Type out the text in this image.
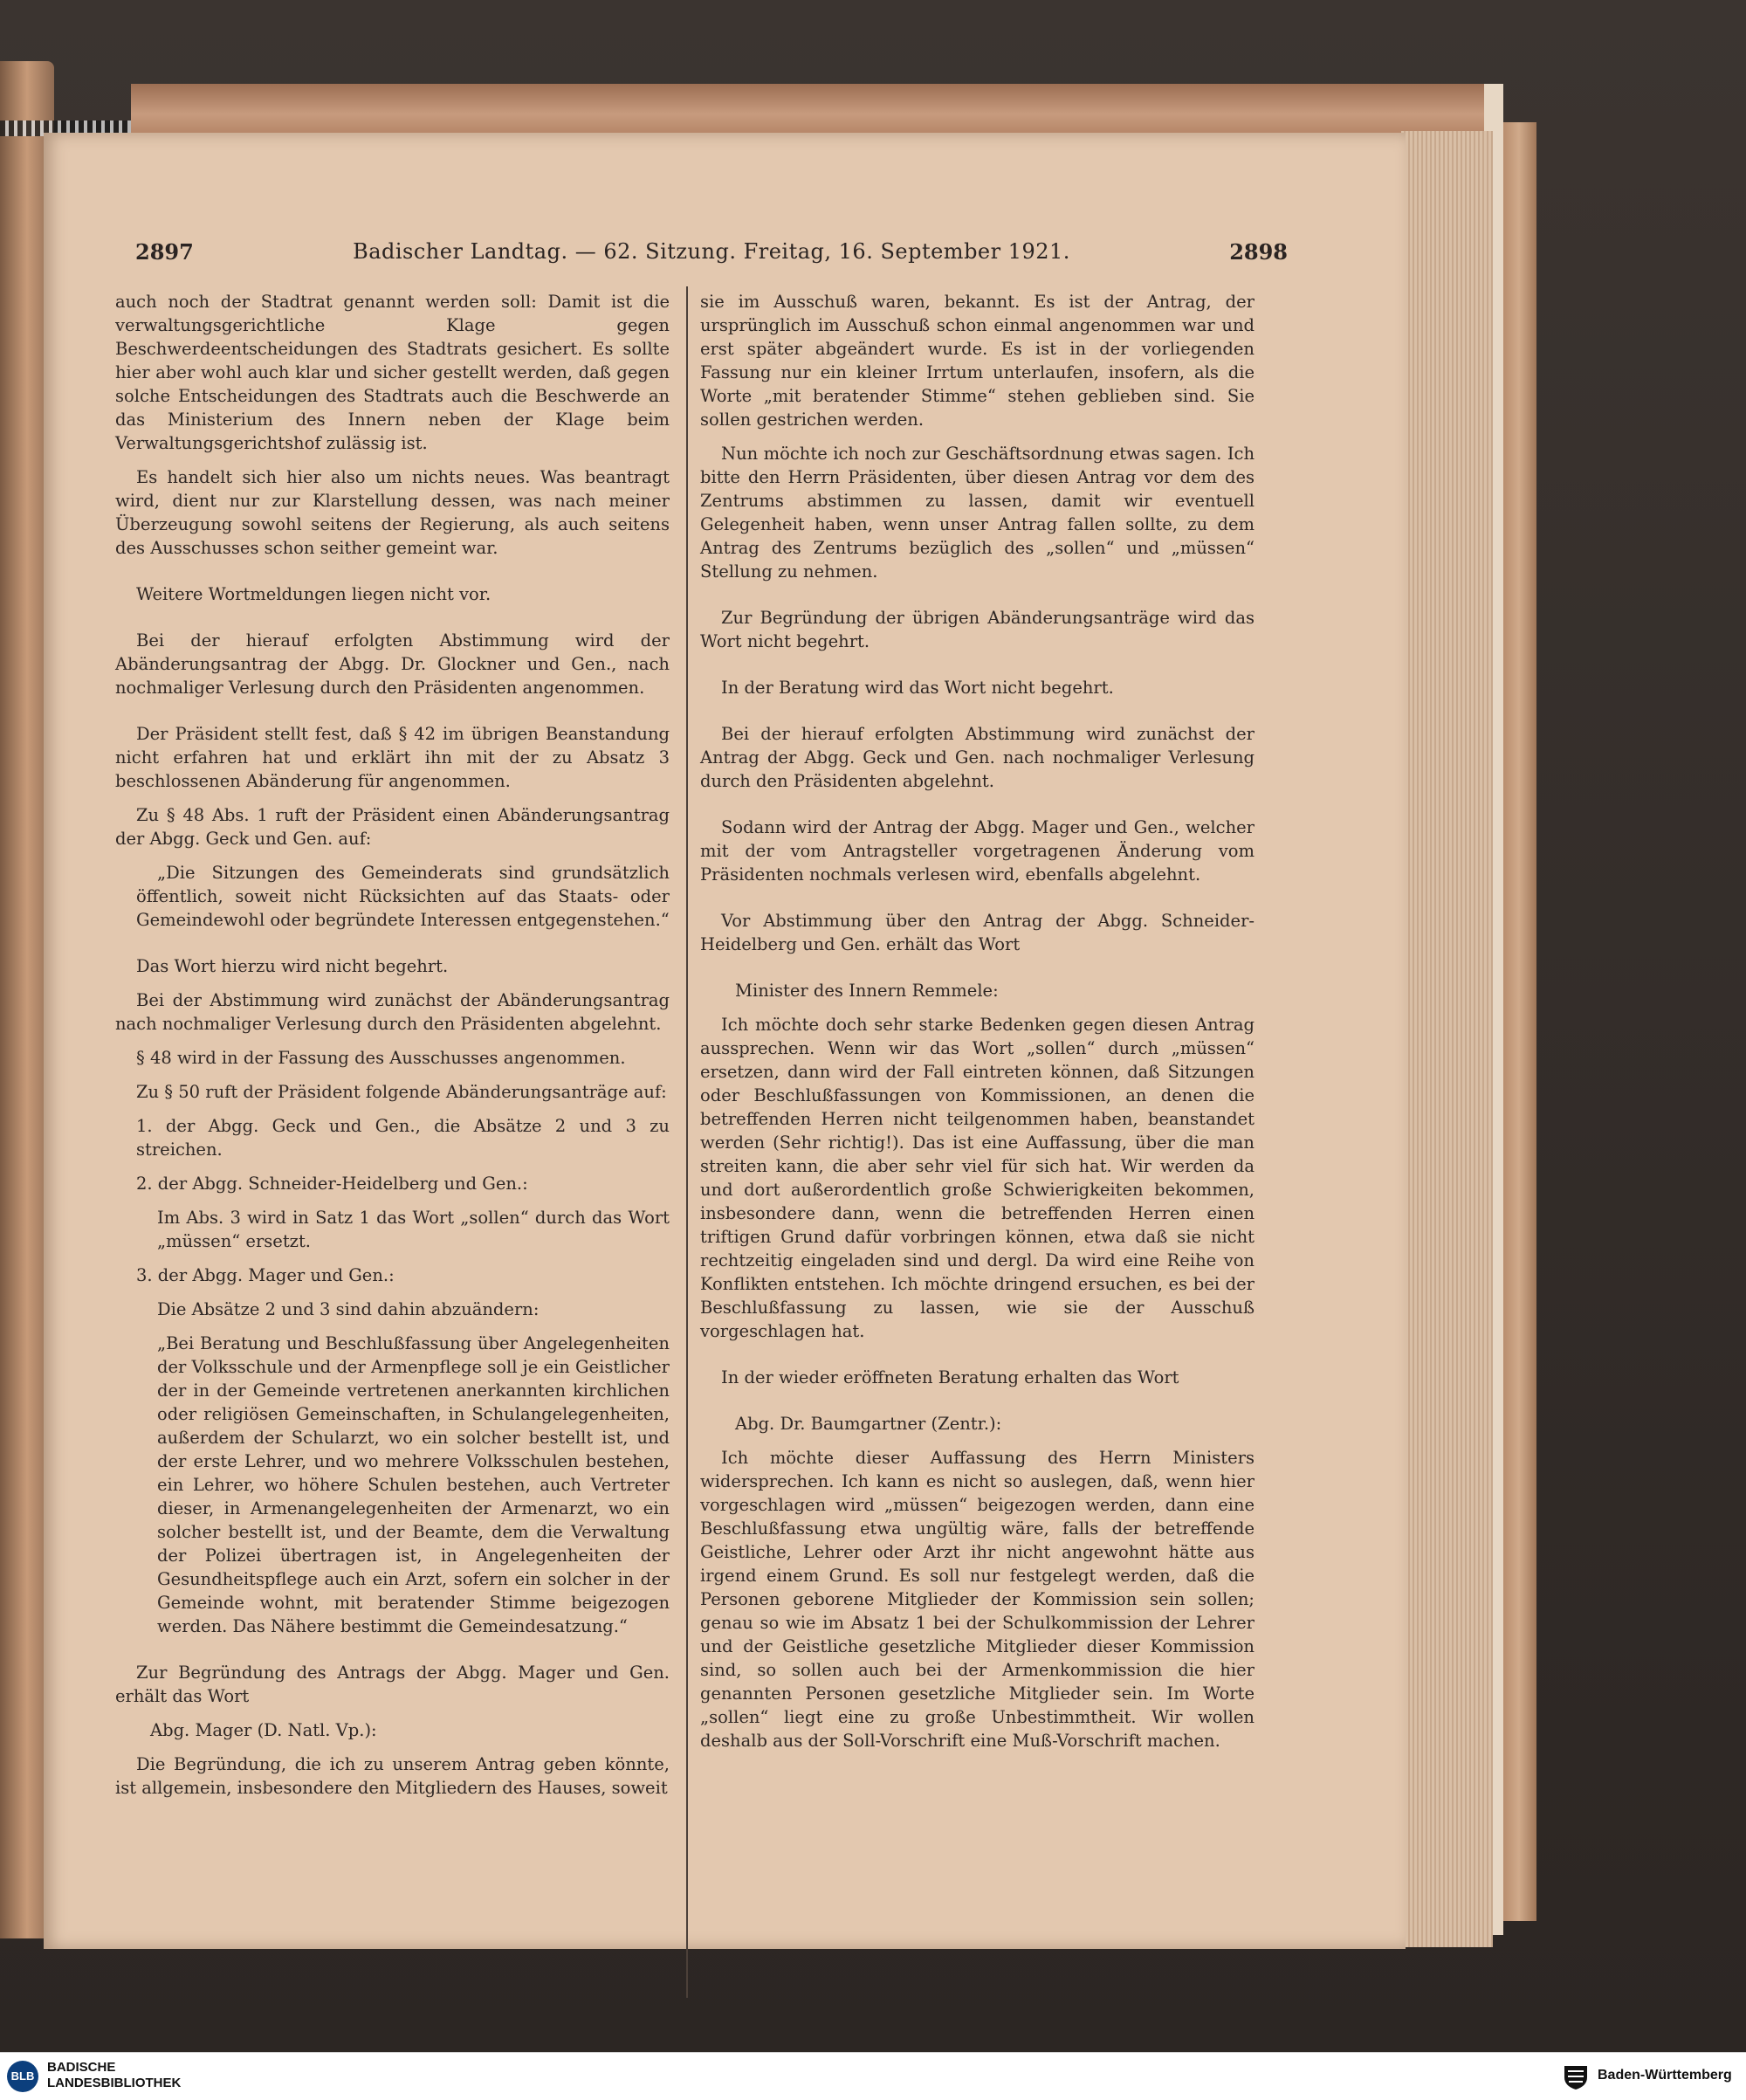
2897	Badischer Landtag. — 62. Sitzung. Freitag, 16. September 1921.	2898

auch noch der Stadtrat genannt werden soll: Damit ist die verwaltungsgerichtliche Klage gegen Beschwerdeentscheidungen des Stadtrats gesichert. Es sollte hier aber wohl auch klar und sicher gestellt werden, daß gegen solche Entscheidungen des Stadtrats auch die Beschwerde an das Ministerium des Innern neben der Klage beim Verwaltungsgerichtshof zulässig ist.

Es handelt sich hier also um nichts neues. Was beantragt wird, dient nur zur Klarstellung dessen, was nach meiner Überzeugung sowohl seitens der Regierung, als auch seitens des Ausschusses schon seither gemeint war.

Weitere Wortmeldungen liegen nicht vor.

Bei der hierauf erfolgten Abstimmung wird der Abänderungsantrag der Abgg. Dr. Glockner und Gen., nach nochmaliger Verlesung durch den Präsidenten angenommen.

Der Präsident stellt fest, daß § 42 im übrigen Beanstandung nicht erfahren hat und erklärt ihn mit der zu Absatz 3 beschlossenen Abänderung für angenommen.

Zu § 48 Abs. 1 ruft der Präsident einen Abänderungsantrag der Abgg. Geck und Gen. auf:

„Die Sitzungen des Gemeinderats sind grundsätzlich öffentlich, soweit nicht Rücksichten auf das Staats- oder Gemeindewohl oder begründete Interessen entgegenstehen.“

Das Wort hierzu wird nicht begehrt.

Bei der Abstimmung wird zunächst der Abänderungsantrag nach nochmaliger Verlesung durch den Präsidenten abgelehnt.

§ 48 wird in der Fassung des Ausschusses angenommen.

Zu § 50 ruft der Präsident folgende Abänderungsanträge auf:

1. der Abgg. Geck und Gen., die Absätze 2 und 3 zu streichen.

2. der Abgg. Schneider-Heidelberg und Gen.:

Im Abs. 3 wird in Satz 1 das Wort „sollen“ durch das Wort „müssen“ ersetzt.

3. der Abgg. Mager und Gen.:

Die Absätze 2 und 3 sind dahin abzuändern:

„Bei Beratung und Beschlußfassung über Angelegenheiten der Volksschule und der Armenpflege soll je ein Geistlicher der in der Gemeinde vertretenen anerkannten kirchlichen oder religiösen Gemeinschaften, in Schulangelegenheiten, außerdem der Schularzt, wo ein solcher bestellt ist, und der erste Lehrer, und wo mehrere Volksschulen bestehen, ein Lehrer, wo höhere Schulen bestehen, auch Vertreter dieser, in Armenangelegenheiten der Armenarzt, wo ein solcher bestellt ist, und der Beamte, dem die Verwaltung der Polizei übertragen ist, in Angelegenheiten der Gesundheitspflege auch ein Arzt, sofern ein solcher in der Gemeinde wohnt, mit beratender Stimme beigezogen werden. Das Nähere bestimmt die Gemeindesatzung.“

Zur Begründung des Antrags der Abgg. Mager und Gen. erhält das Wort

Abg. Mager (D. Natl. Vp.):

Die Begründung, die ich zu unserem Antrag geben könnte, ist allgemein, insbesondere den Mitgliedern des Hauses, soweit

sie im Ausschuß waren, bekannt. Es ist der Antrag, der ursprünglich im Ausschuß schon einmal angenommen war und erst später abgeändert wurde. Es ist in der vorliegenden Fassung nur ein kleiner Irrtum unterlaufen, insofern, als die Worte „mit beratender Stimme“ stehen geblieben sind. Sie sollen gestrichen werden.

Nun möchte ich noch zur Geschäftsordnung etwas sagen. Ich bitte den Herrn Präsidenten, über diesen Antrag vor dem des Zentrums abstimmen zu lassen, damit wir eventuell Gelegenheit haben, wenn unser Antrag fallen sollte, zu dem Antrag des Zentrums bezüglich des „sollen“ und „müssen“ Stellung zu nehmen.

Zur Begründung der übrigen Abänderungsanträge wird das Wort nicht begehrt.

In der Beratung wird das Wort nicht begehrt.

Bei der hierauf erfolgten Abstimmung wird zunächst der Antrag der Abgg. Geck und Gen. nach nochmaliger Verlesung durch den Präsidenten abgelehnt.

Sodann wird der Antrag der Abgg. Mager und Gen., welcher mit der vom Antragsteller vorgetragenen Änderung vom Präsidenten nochmals verlesen wird, ebenfalls abgelehnt.

Vor Abstimmung über den Antrag der Abgg. Schneider-Heidelberg und Gen. erhält das Wort

Minister des Innern Remmele:

Ich möchte doch sehr starke Bedenken gegen diesen Antrag aussprechen. Wenn wir das Wort „sollen“ durch „müssen“ ersetzen, dann wird der Fall eintreten können, daß Sitzungen oder Beschlußfassungen von Kommissionen, an denen die betreffenden Herren nicht teilgenommen haben, beanstandet werden (Sehr richtig!). Das ist eine Auffassung, über die man streiten kann, die aber sehr viel für sich hat. Wir werden da und dort außerordentlich große Schwierigkeiten bekommen, insbesondere dann, wenn die betreffenden Herren einen triftigen Grund dafür vorbringen können, etwa daß sie nicht rechtzeitig eingeladen sind und dergl. Da wird eine Reihe von Konflikten entstehen. Ich möchte dringend ersuchen, es bei der Beschlußfassung zu lassen, wie sie der Ausschuß vorgeschlagen hat.

In der wieder eröffneten Beratung erhalten das Wort

Abg. Dr. Baumgartner (Zentr.):

Ich möchte dieser Auffassung des Herrn Ministers widersprechen. Ich kann es nicht so auslegen, daß, wenn hier vorgeschlagen wird „müssen“ beigezogen werden, dann eine Beschlußfassung etwa ungültig wäre, falls der betreffende Geistliche, Lehrer oder Arzt ihr nicht angewohnt hätte aus irgend einem Grund. Es soll nur festgelegt werden, daß die Personen geborene Mitglieder der Kommission sein sollen; genau so wie im Absatz 1 bei der Schulkommission der Lehrer und der Geistliche gesetzliche Mitglieder dieser Kommission sind, so sollen auch bei der Armenkommission die hier genannten Personen gesetzliche Mitglieder sein. Im Worte „sollen“ liegt eine zu große Unbestimmtheit. Wir wollen deshalb aus der Soll-Vorschrift eine Muß-Vorschrift machen.

BLB
BADISCHE
LANDESBIBLIOTHEK
Baden-Württemberg
